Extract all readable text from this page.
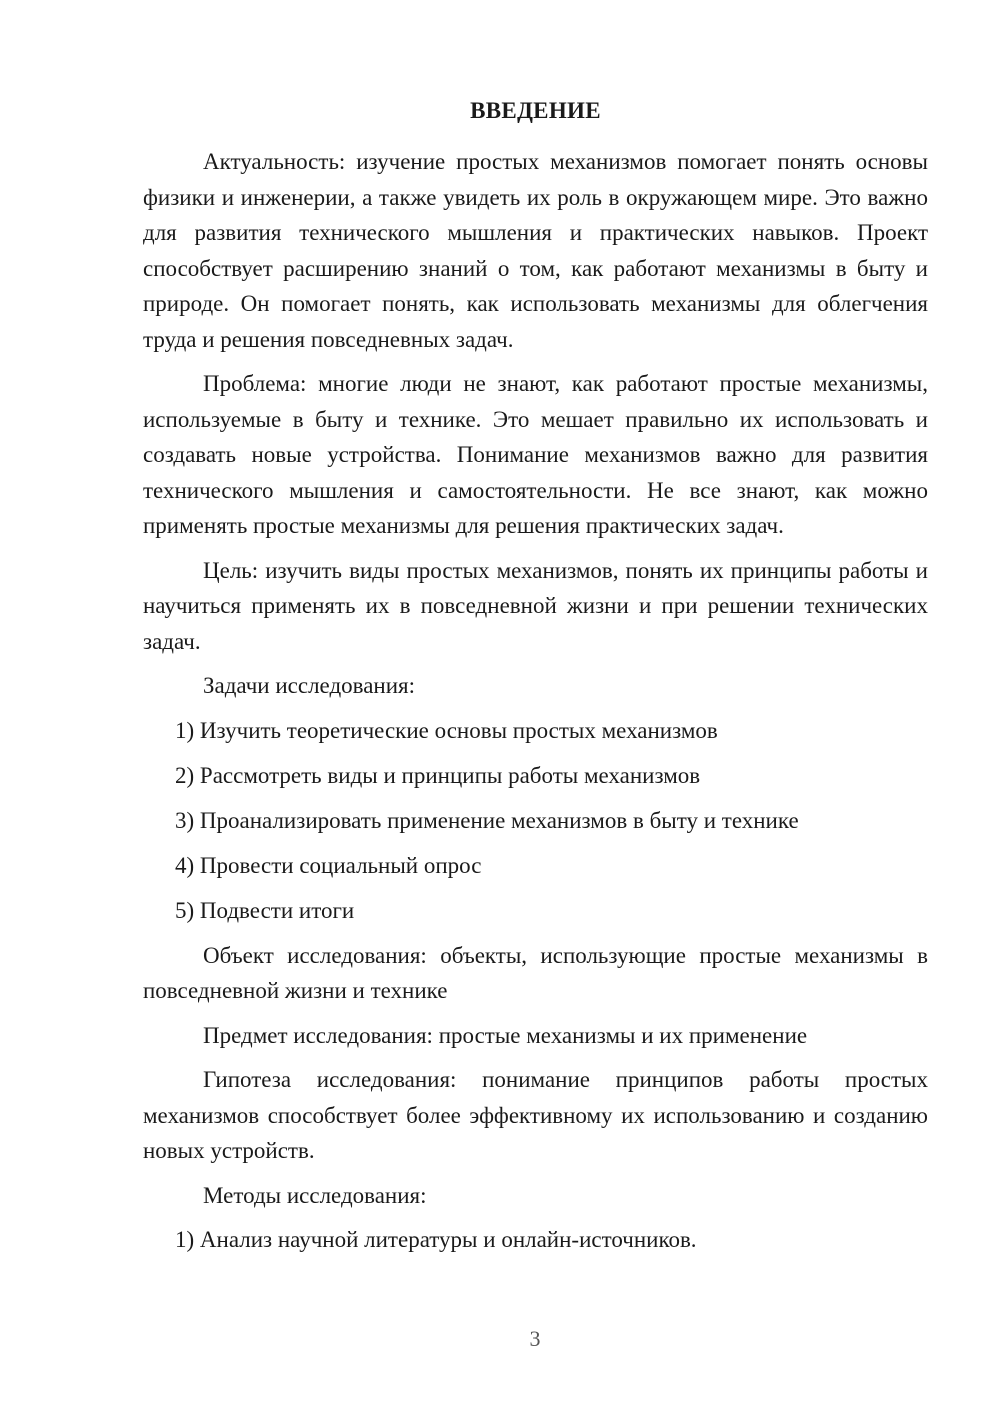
ВВЕДЕНИЕ

Актуальность: изучение простых механизмов помогает понять основы физики и инженерии, а также увидеть их роль в окружающем мире. Это важно для развития технического мышления и практических навыков. Проект способствует расширению знаний о том, как работают механизмы в быту и природе. Он помогает понять, как использовать механизмы для облегчения труда и решения повседневных задач.

Проблема: многие люди не знают, как работают простые механизмы, используемые в быту и технике. Это мешает правильно их использовать и создавать новые устройства. Понимание механизмов важно для развития технического мышления и самостоятельности. Не все знают, как можно применять простые механизмы для решения практических задач.

Цель: изучить виды простых механизмов, понять их принципы работы и научиться применять их в повседневной жизни и при решении технических задач.

Задачи исследования:

1) Изучить теоретические основы простых механизмов
2) Рассмотреть виды и принципы работы механизмов
3) Проанализировать применение механизмов в быту и технике
4) Провести социальный опрос
5) Подвести итоги

Объект исследования: объекты, использующие простые механизмы в повседневной жизни и технике

Предмет исследования: простые механизмы и их применение

Гипотеза исследования: понимание принципов работы простых механизмов способствует более эффективному их использованию и созданию новых устройств.

Методы исследования:

1) Анализ научной литературы и онлайн-источников.
3
